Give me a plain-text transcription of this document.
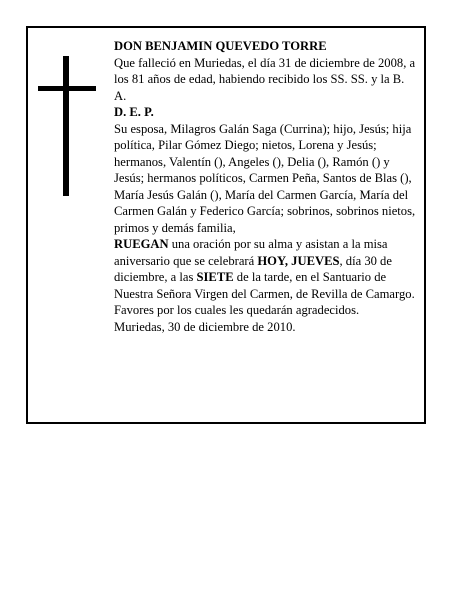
DON BENJAMIN QUEVEDO TORRE

Que falleció en Muriedas, el día 31 de diciembre de 2008, a los 81 años de edad, habiendo recibido los SS. SS. y la B. A.

D. E. P.

Su esposa, Milagros Galán Saga (Currina); hijo, Jesús; hija política, Pilar Gómez Diego; nietos, Lorena y Jesús; hermanos, Valentín (), Angeles (), Delia (), Ramón () y Jesús; hermanos políticos, Carmen Peña, Santos de Blas (), María Jesús Galán (), María del Carmen García, María del Carmen Galán y Federico García; sobrinos, sobrinos nietos, primos y demás familia,

RUEGAN una oración por su alma y asistan a la misa aniversario que se celebrará HOY, JUEVES, día 30 de diciembre, a las SIETE de la tarde, en el Santuario de Nuestra Señora Virgen del Carmen, de Revilla de Camargo. Favores por los cuales les quedarán agradecidos.

Muriedas, 30 de diciembre de 2010.
